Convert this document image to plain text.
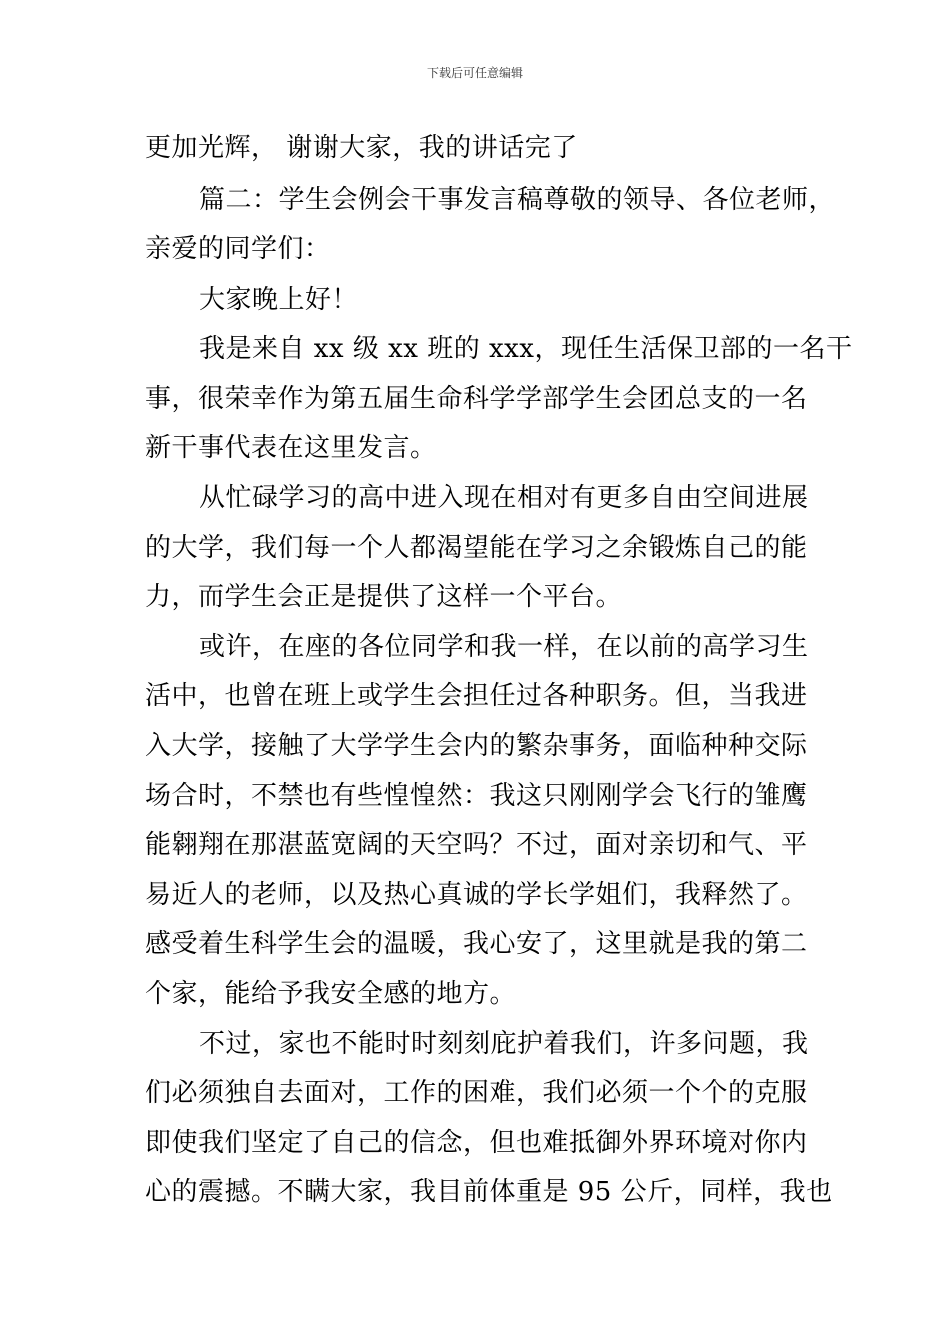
下载后可任意编辑
更加光辉， 谢谢大家，我的讲话完了
篇二：学生会例会干事发言稿尊敬的领导、各位老师，
亲爱的同学们：
大家晚上好！
我是来自 xx 级 xx 班的 xxx，现任生活保卫部的一名干
事，很荣幸作为第五届生命科学学部学生会团总支的一名
新干事代表在这里发言。
从忙碌学习的高中进入现在相对有更多自由空间进展
的大学，我们每一个人都渴望能在学习之余锻炼自己的能
力，而学生会正是提供了这样一个平台。
或许，在座的各位同学和我一样，在以前的高学习生
活中，也曾在班上或学生会担任过各种职务。但，当我进
入大学，接触了大学学生会内的繁杂事务，面临种种交际
场合时，不禁也有些惶惶然：我这只刚刚学会飞行的雏鹰
能翱翔在那湛蓝宽阔的天空吗？不过，面对亲切和气、平
易近人的老师，以及热心真诚的学长学姐们，我释然了。
感受着生科学生会的温暖，我心安了，这里就是我的第二
个家，能给予我安全感的地方。
不过，家也不能时时刻刻庇护着我们，许多问题，我
们必须独自去面对，工作的困难，我们必须一个个的克服
即使我们坚定了自己的信念，但也难抵御外界环境对你内
心的震撼。不瞒大家，我目前体重是 95 公斤，同样，我也
